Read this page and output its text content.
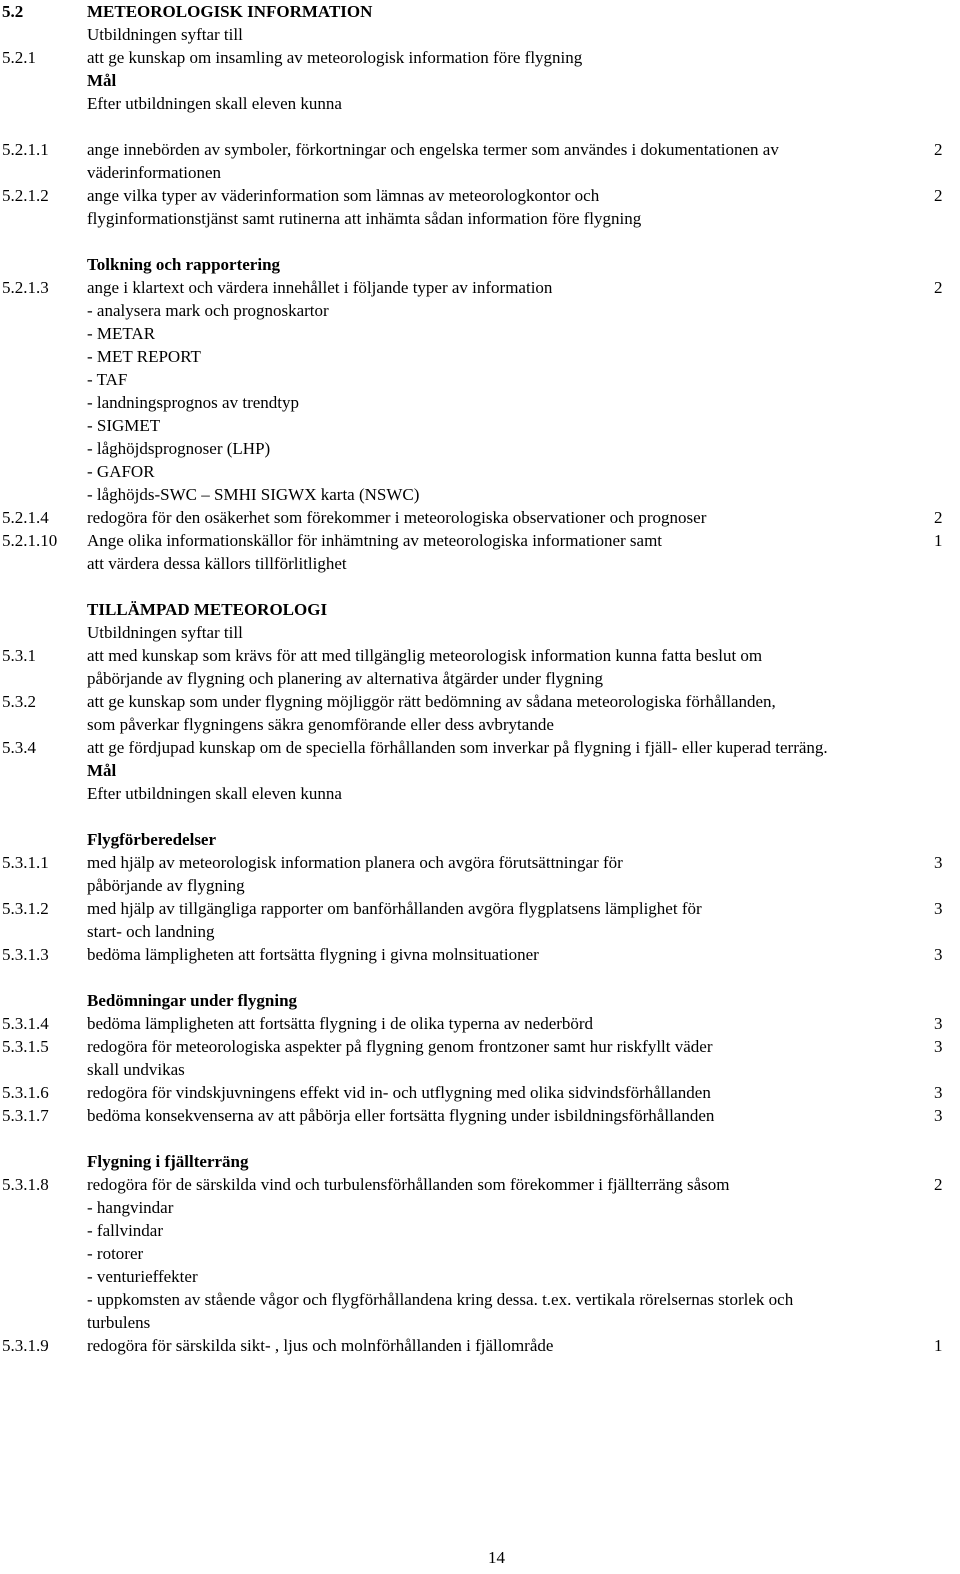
5.2	METEOROLOGISK INFORMATION
Utbildningen syftar till
5.2.1	att ge kunskap om insamling av meteorologisk information före flygning
Mål
Efter utbildningen skall eleven kunna
5.2.1.1 ange innebörden av symboler, förkortningar och engelska termer som användes i dokumentationen av	2
väderinformationen
5.2.1.2 ange vilka typer av väderinformation som lämnas av meteorologkontor och	2
flyginformationstjänst samt rutinerna att inhämta sådan information före flygning
Tolkning och rapportering
5.2.1.3 ange i klartext och värdera innehållet i följande typer av information	2
- analysera mark och prognoskartor
- METAR
- MET REPORT
- TAF
- landningsprognos av trendtyp
- SIGMET
- låghöjdsprognoser (LHP)
- GAFOR
- låghöjds-SWC – SMHI SIGWX karta (NSWC)
5.2.1.4 redogöra för den osäkerhet som förekommer i meteorologiska observationer och prognoser	2
5.2.1.10 Ange olika informationskällor för inhämtning av meteorologiska informationer samt	1
att värdera dessa källors tillförlitlighet
TILLÄMPAD METEOROLOGI
Utbildningen syftar till
5.3.1	att med kunskap som krävs för att med tillgänglig meteorologisk information kunna fatta beslut om
påbörjande av flygning och planering av alternativa åtgärder under flygning
5.3.2	att ge kunskap som under flygning möjliggör rätt bedömning av sådana meteorologiska förhållanden,
som påverkar flygningens säkra genomförande eller dess avbrytande
5.3.4	att ge fördjupad kunskap om de speciella förhållanden som inverkar på flygning i fjäll- eller kuperad terräng.
Mål
Efter utbildningen skall eleven kunna
Flygförberedelser
5.3.1.1 med hjälp av meteorologisk information planera och avgöra förutsättningar för	3
påbörjande av flygning
5.3.1.2 med hjälp av tillgängliga rapporter om banförhållanden avgöra flygplatsens lämplighet för	3
start- och landning
5.3.1.3 bedöma lämpligheten att fortsätta flygning i givna molnsituationer	3
Bedömningar under flygning
5.3.1.4 bedöma lämpligheten att fortsätta flygning i de olika typerna av nederbörd	3
5.3.1.5 redogöra för meteorologiska aspekter på flygning genom frontzoner samt hur riskfyllt väder	3
skall undvikas
5.3.1.6 redogöra för vindskjuvningens effekt vid in- och utflygning med olika sidvindsförhållanden	3
5.3.1.7 bedöma konsekvenserna av att påbörja eller fortsätta flygning under isbildningsförhållanden	3
Flygning i fjällterräng
5.3.1.8 redogöra för de särskilda vind och turbulensförhållanden som förekommer i fjällterräng såsom	2
- hangvindar
- fallvindar
- rotorer
- venturieffekter
- uppkomsten av stående vågor och flygförhållandena kring dessa. t.ex. vertikala rörelsernas storlek och
turbulens
5.3.1.9 redogöra för särskilda sikt- , ljus och molnförhållanden i fjällområde	1
14
